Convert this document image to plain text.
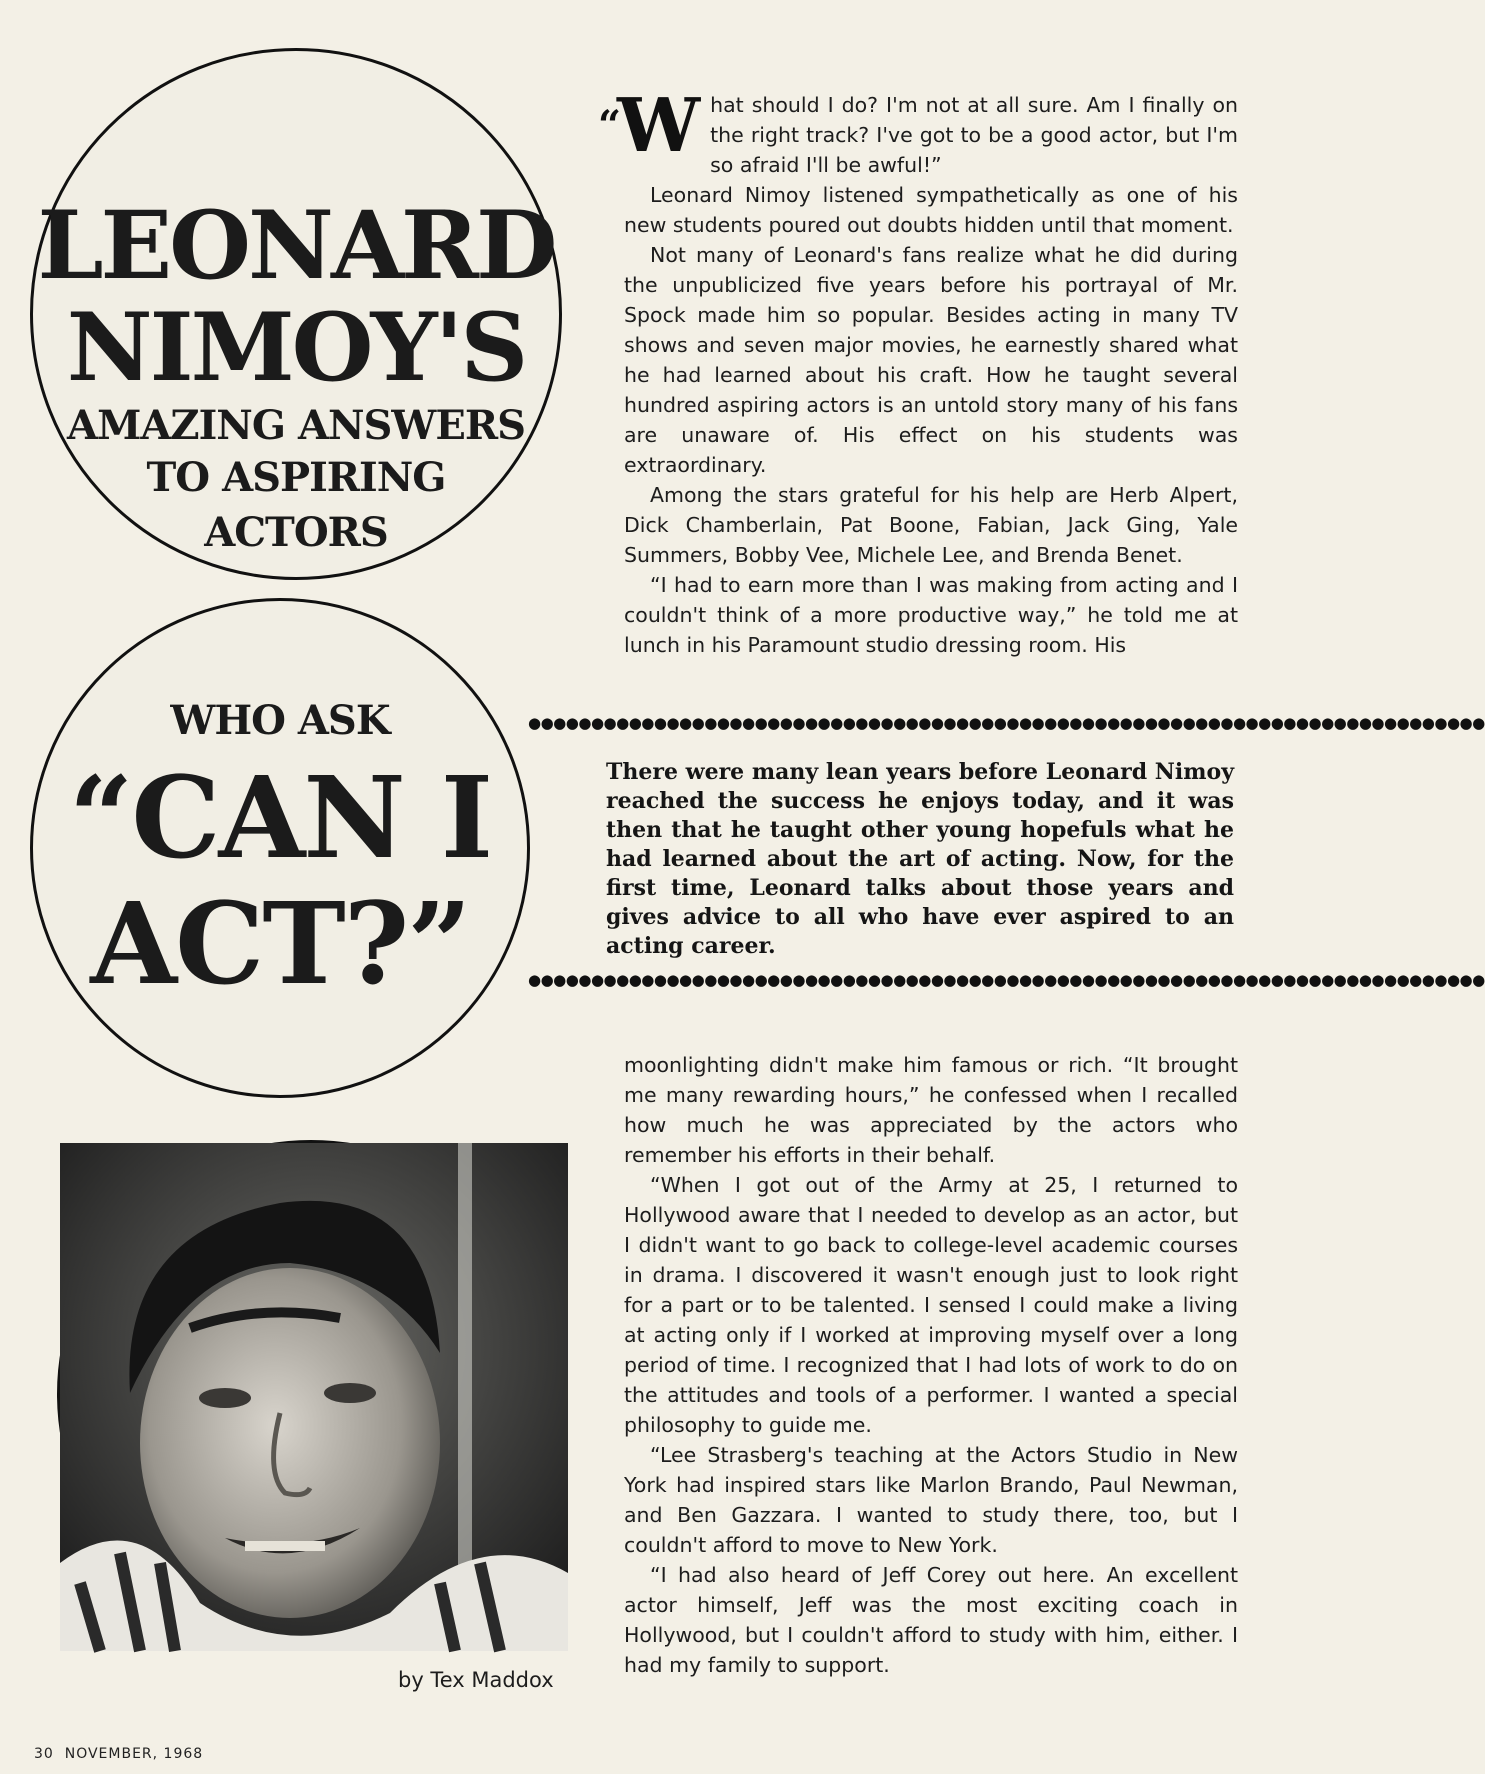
LEONARD
NIMOY'S
AMAZING ANSWERS
TO ASPIRING
ACTORS
WHO ASK
“CAN I
ACT?”

“W hat should I do? I'm not at all sure. Am I finally on the right track? I've got to be a good actor, but I'm so afraid I'll be awful!”

Leonard Nimoy listened sympathetically as one of his new students poured out doubts hidden until that moment.

Not many of Leonard's fans realize what he did during the unpublicized five years before his portrayal of Mr. Spock made him so popular. Besides acting in many TV shows and seven major movies, he earnestly shared what he had learned about his craft. How he taught several hundred aspiring actors is an untold story many of his fans are unaware of. His effect on his students was extraordinary.

Among the stars grateful for his help are Herb Alpert, Dick Chamberlain, Pat Boone, Fabian, Jack Ging, Yale Summers, Bobby Vee, Michele Lee, and Brenda Benet.

“I had to earn more than I was making from acting and I couldn't think of a more productive way,” he told me at lunch in his Paramount studio dressing room. His

●●●●●●●●●●●●●●●●●●●●●●●●●●●●●●●●●●●●●●●●●●●●●●●●●●●●●●●●●●●●●●●●●●●●●●●●●●●●
There were many lean years before Leonard Nimoy reached the success he enjoys today, and it was then that he taught other young hopefuls what he had learned about the art of acting. Now, for the first time, Leonard talks about those years and gives advice to all who have ever aspired to an acting career.
●●●●●●●●●●●●●●●●●●●●●●●●●●●●●●●●●●●●●●●●●●●●●●●●●●●●●●●●●●●●●●●●●●●●●●●●●●●●

moonlighting didn't make him famous or rich. “It brought me many rewarding hours,” he confessed when I recalled how much he was appreciated by the actors who remember his efforts in their behalf.

“When I got out of the Army at 25, I returned to Hollywood aware that I needed to develop as an actor, but I didn't want to go back to college-level academic courses in drama. I discovered it wasn't enough just to look right for a part or to be talented. I sensed I could make a living at acting only if I worked at improving myself over a long period of time. I recognized that I had lots of work to do on the attitudes and tools of a performer. I wanted a special philosophy to guide me.

“Lee Strasberg's teaching at the Actors Studio in New York had inspired stars like Marlon Brando, Paul Newman, and Ben Gazzara. I wanted to study there, too, but I couldn't afford to move to New York.

“I had also heard of Jeff Corey out here. An excellent actor himself, Jeff was the most exciting coach in Hollywood, but I couldn't afford to study with him, either. I had my family to support.

by Tex Maddox
30  NOVEMBER, 1968
